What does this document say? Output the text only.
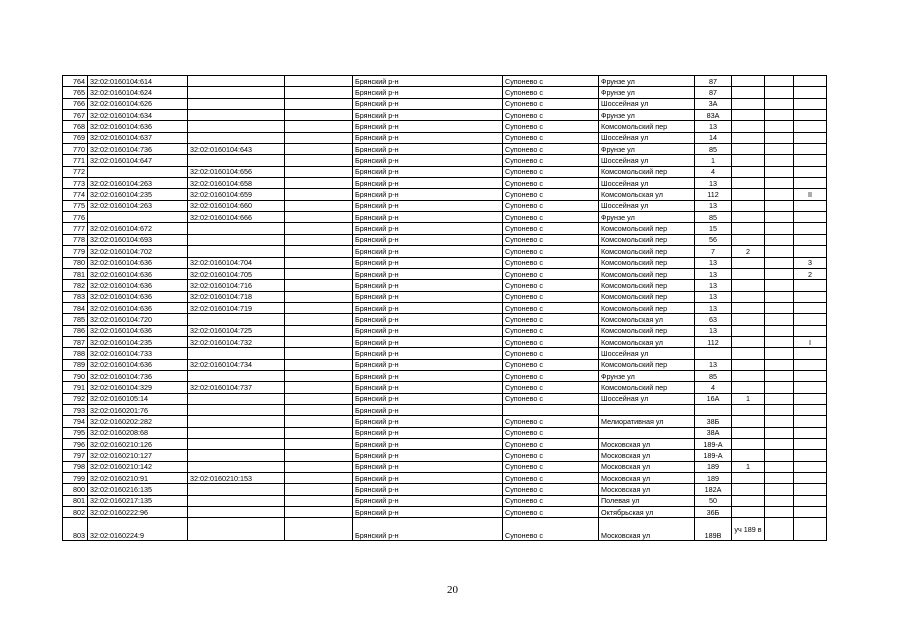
764	32:02:0160104:614			Брянский р-н	Супонево с	Фрунзе ул	87			
765	32:02:0160104:624			Брянский р-н	Супонево с	Фрунзе ул	87			
766	32:02:0160104:626			Брянский р-н	Супонево с	Шоссейная ул	3А			
767	32:02:0160104:634			Брянский р-н	Супонево с	Фрунзе ул	83А			
768	32:02:0160104:636			Брянский р-н	Супонево с	Комсомольский пер	13			
769	32:02:0160104:637			Брянский р-н	Супонево с	Шоссейная ул	14			
770	32:02:0160104:736	32:02:0160104:643		Брянский р-н	Супонево с	Фрунзе ул	85			
771	32:02:0160104:647			Брянский р-н	Супонево с	Шоссейная ул	1			
772		32:02:0160104:656		Брянский р-н	Супонево с	Комсомольский пер	4			
773	32:02:0160104:263	32:02:0160104:658		Брянский р-н	Супонево с	Шоссейная ул	13			
774	32:02:0160104:235	32:02:0160104:659		Брянский р-н	Супонево с	Комсомольская ул	112			II
775	32:02:0160104:263	32:02:0160104:660		Брянский р-н	Супонево с	Шоссейная ул	13			
776		32:02:0160104:666		Брянский р-н	Супонево с	Фрунзе ул	85			
777	32:02:0160104:672			Брянский р-н	Супонево с	Комсомольский пер	15			
778	32:02:0160104:693			Брянский р-н	Супонево с	Комсомольский пер	56			
779	32:02:0160104:702			Брянский р-н	Супонево с	Комсомольский пер	7	2		
780	32:02:0160104:636	32:02:0160104:704		Брянский р-н	Супонево с	Комсомольский пер	13			3
781	32:02:0160104:636	32:02:0160104:705		Брянский р-н	Супонево с	Комсомольский пер	13			2
782	32:02:0160104:636	32:02:0160104:716		Брянский р-н	Супонево с	Комсомольский пер	13			
783	32:02:0160104:636	32:02:0160104:718		Брянский р-н	Супонево с	Комсомольский пер	13			
784	32:02:0160104:636	32:02:0160104:719		Брянский р-н	Супонево с	Комсомольский пер	13			
785	32:02:0160104:720			Брянский р-н	Супонево с	Комсомольская ул	63			
786	32:02:0160104:636	32:02:0160104:725		Брянский р-н	Супонево с	Комсомольский пер	13			
787	32:02:0160104:235	32:02:0160104:732		Брянский р-н	Супонево с	Комсомольская ул	112			I
788	32:02:0160104:733			Брянский р-н	Супонево с	Шоссейная ул				
789	32:02:0160104:636	32:02:0160104:734		Брянский р-н	Супонево с	Комсомольский пер	13			
790	32:02:0160104:736			Брянский р-н	Супонево с	Фрунзе ул	85			
791	32:02:0160104:329	32:02:0160104:737		Брянский р-н	Супонево с	Комсомольский пер	4			
792	32:02:0160105:14			Брянский р-н	Супонево с	Шоссейная ул	16А	1		
793	32:02:0160201:76			Брянский р-н						
794	32:02:0160202:282			Брянский р-н	Супонево с	Мелиоративная ул	38Б			
795	32:02:0160208:68			Брянский р-н	Супонево с		38А			
796	32:02:0160210:126			Брянский р-н	Супонево с	Московская ул	189-А			
797	32:02:0160210:127			Брянский р-н	Супонево с	Московская ул	189-А			
798	32:02:0160210:142			Брянский р-н	Супонево с	Московская ул	189	1		
799	32:02:0160210:91	32:02:0160210:153		Брянский р-н	Супонево с	Московская ул	189			
800	32:02:0160216:135			Брянский р-н	Супонево с	Московская ул	182А			
801	32:02:0160217:135			Брянский р-н	Супонево с	Полевая ул	50			
802	32:02:0160222:96			Брянский р-н	Супонево с	Октябрьская ул	36Б			
803	32:02:0160224:9			Брянский р-н	Супонево с	Московская ул	189В	уч 189 в		
20
